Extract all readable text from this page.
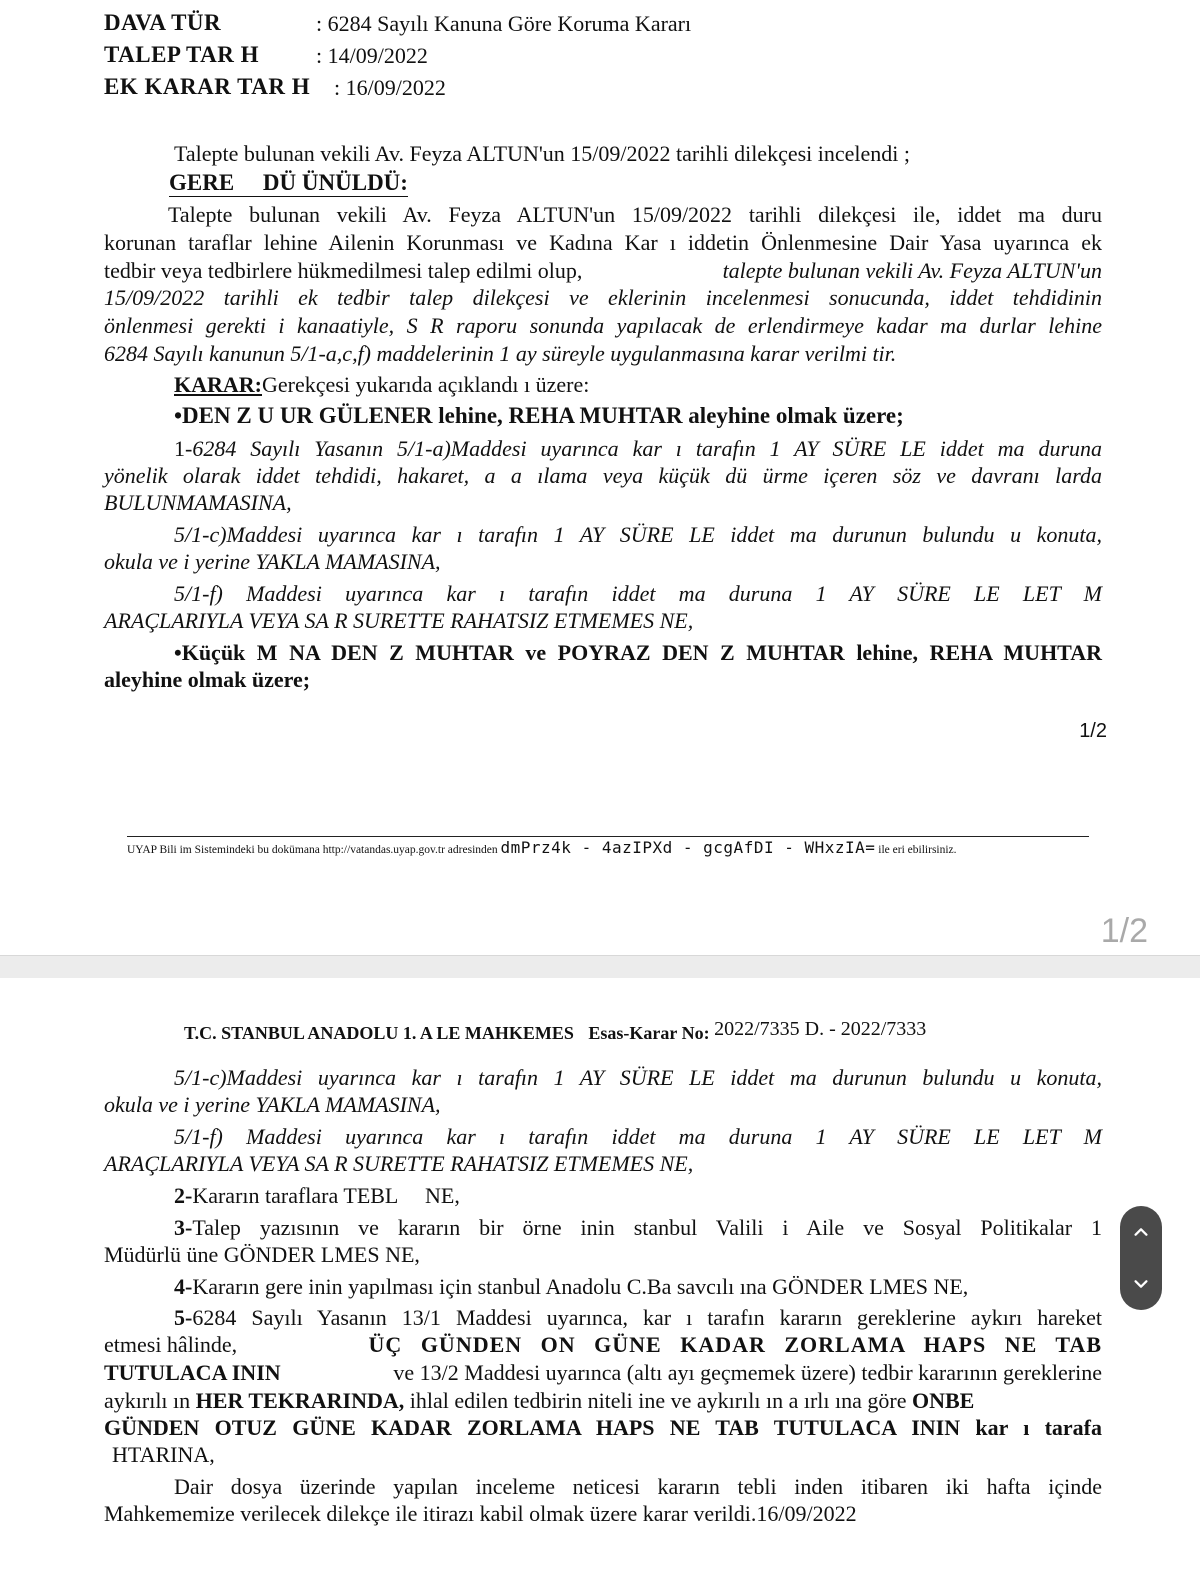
DAVA TÜR	: 6284 Sayılı Kanuna Göre Koruma Kararı
TALEP TAR H	: 14/09/2022
EK KARAR TAR H : 16/09/2022
Talepte bulunan vekili Av. Feyza ALTUN'un 15/09/2022 tarihli dilekçesi incelendi ;
GERE     DÜ ÜNÜLDÜ:
Talepte bulunan vekili Av. Feyza ALTUN'un 15/09/2022 tarihli dilekçesi ile, iddet ma duru
korunan taraflar lehine Ailenin Korunması ve Kadına Kar ı iddetin Önlenmesine Dair Yasa uyarınca ek
tedbir veya tedbirlere hükmedilmesi talep edilmi olup,	talepte bulunan vekili Av. Feyza ALTUN'un
15/09/2022 tarihli ek tedbir talep dilekçesi ve eklerinin incelenmesi sonucunda, iddet tehdidinin
önlenmesi gerekti i kanaatiyle, S R raporu sonunda yapılacak de erlendirmeye kadar ma durlar lehine
6284 Sayılı kanunun 5/1-a,c,f) maddelerinin 1 ay süreyle uygulanmasına karar verilmi tir.
KARAR:Gerekçesi yukarıda açıklandı ı üzere:
•DEN Z U UR GÜLENER lehine, REHA MUHTAR aleyhine olmak üzere;
1-6284 Sayılı Yasanın 5/1-a)Maddesi uyarınca kar ı tarafın 1 AY SÜRE LE iddet ma duruna
yönelik olarak iddet tehdidi, hakaret, a a ılama veya küçük dü ürme içeren söz ve davranı larda
BULUNMAMASINA,
5/1-c)Maddesi uyarınca kar ı tarafın 1 AY SÜRE LE iddet ma durunun bulundu u konuta,
okula ve i yerine YAKLA MAMASINA,
5/1-f) Maddesi uyarınca kar ı tarafın iddet ma duruna 1 AY SÜRE LE LET M
ARAÇLARIYLA VEYA SA R SURETTE RAHATSIZ ETMEMES NE,
•Küçük M NA DEN Z MUHTAR ve POYRAZ DEN Z MUHTAR lehine, REHA MUHTAR
aleyhine olmak üzere;
1/2
UYAP Bili im Sistemindeki bu dokümana http://vatandas.uyap.gov.tr adresinden dmPrz4k - 4azIPXd - gcgAfDI - WHxzIA= ile eri ebilirsiniz.
1/2
T.C. STANBUL ANADOLU 1. A LE MAHKEMES Esas-Karar No: 2022/7335 D. - 2022/7333
5/1-c)Maddesi uyarınca kar ı tarafın 1 AY SÜRE LE iddet ma durunun bulundu u konuta,
okula ve i yerine YAKLA MAMASINA,
5/1-f) Maddesi uyarınca kar ı tarafın iddet ma duruna 1 AY SÜRE LE LET M
ARAÇLARIYLA VEYA SA R SURETTE RAHATSIZ ETMEMES NE,
2-Kararın taraflara TEBL     NE,
3-Talep yazısının ve kararın bir örne inin stanbul Valili i Aile ve Sosyal Politikalar 1
Müdürlü üne GÖNDER LMES NE,
4-Kararın gere inin yapılması için stanbul Anadolu C.Ba savcılı ına GÖNDER LMES NE,
5-6284 Sayılı Yasanın 13/1 Maddesi uyarınca, kar ı tarafın kararın gereklerine aykırı hareket
etmesi hâlinde,	ÜÇ GÜNDEN ON GÜNE KADAR ZORLAMA HAPS NE TAB
TUTULACA ININ	ve 13/2 Maddesi uyarınca (altı ayı geçmemek üzere) tedbir kararının gereklerine
aykırılı ın HER TEKRARINDA, ihlal edilen tedbirin niteli ine ve aykırılı ın a ırlı ına göre ONBE
GÜNDEN OTUZ GÜNE KADAR ZORLAMA HAPS NE TAB TUTULACA ININ kar ı tarafa
HTARINA,
Dair dosya üzerinde yapılan inceleme neticesi kararın tebli inden itibaren iki hafta içinde
Mahkememize verilecek dilekçe ile itirazı kabil olmak üzere karar verildi.16/09/2022
